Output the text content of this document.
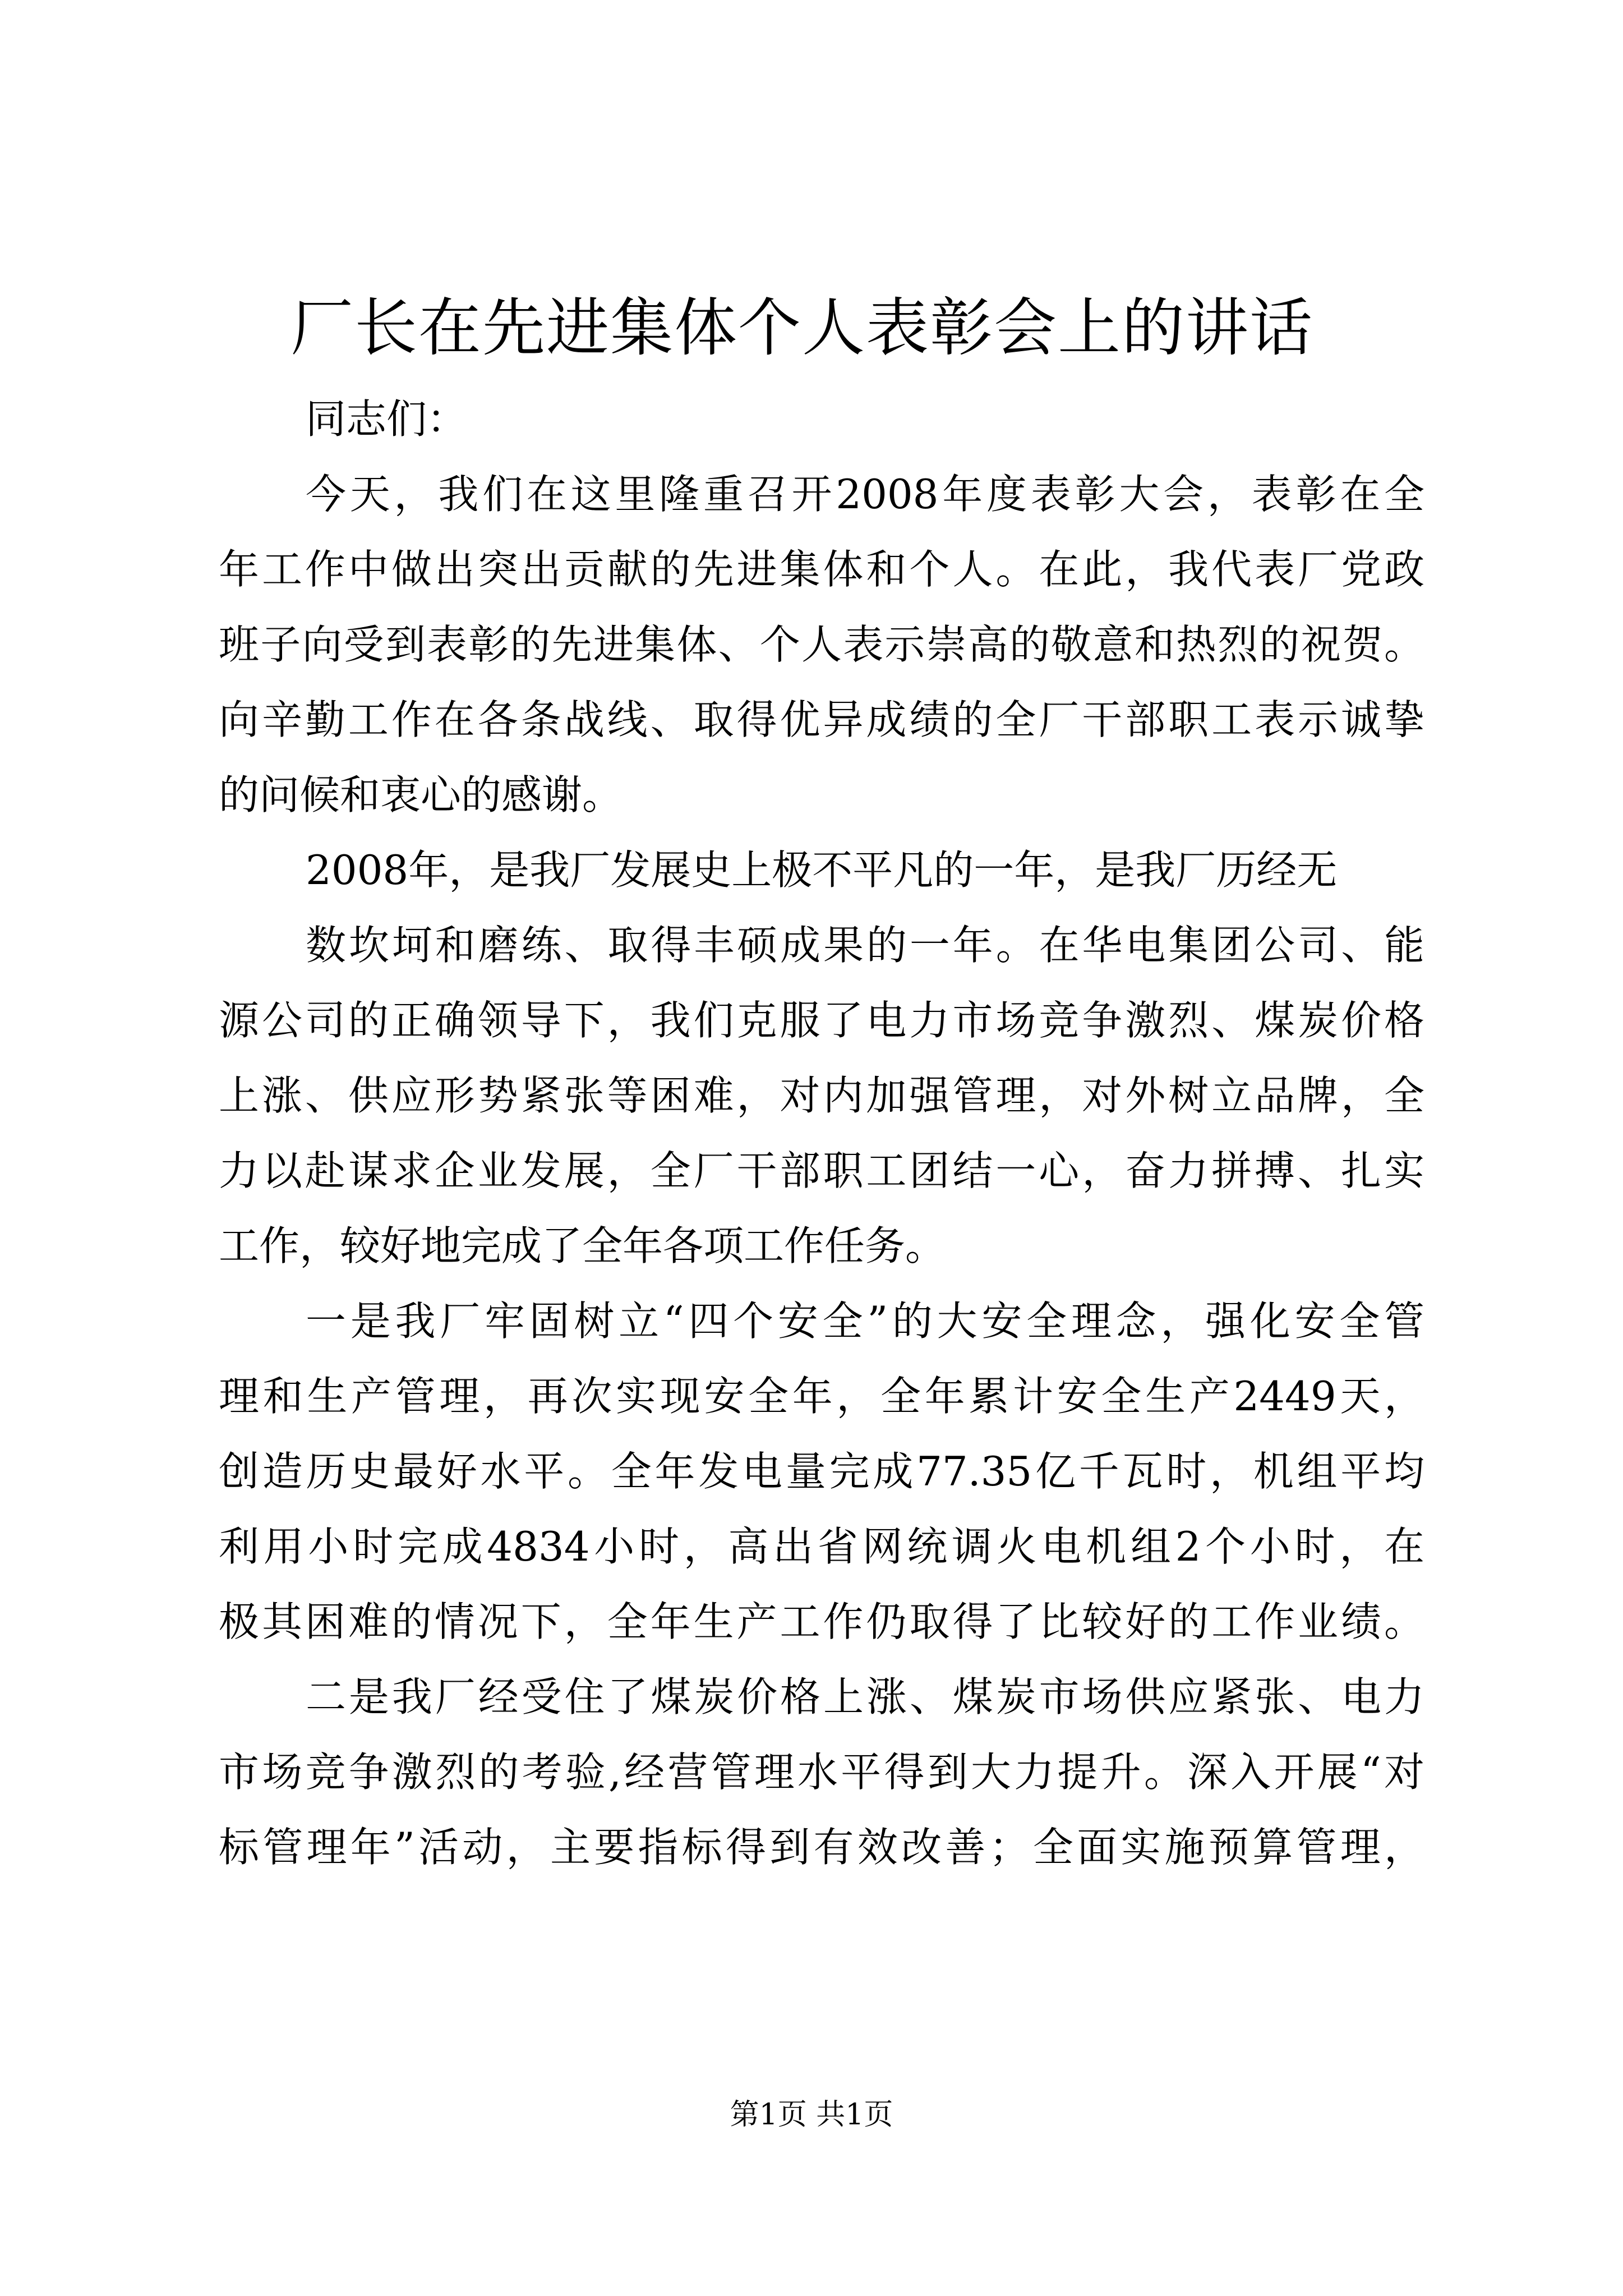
厂长在先进集体个人表彰会上的讲话
同志们：
今天，我们在这里隆重召开2008年度表彰大会，表彰在全
年工作中做出突出贡献的先进集体和个人。在此，我代表厂党政
班子向受到表彰的先进集体、个人表示崇高的敬意和热烈的祝贺。
向辛勤工作在各条战线、取得优异成绩的全厂干部职工表示诚挚
的问候和衷心的感谢。
2008年，是我厂发展史上极不平凡的一年，是我厂历经无
数坎坷和磨练、取得丰硕成果的一年。在华电集团公司、能
源公司的正确领导下，我们克服了电力市场竞争激烈、煤炭价格
上涨、供应形势紧张等困难，对内加强管理，对外树立品牌，全
力以赴谋求企业发展，全厂干部职工团结一心，奋力拼搏、扎实
工作，较好地完成了全年各项工作任务。
一是我厂牢固树立“四个安全”的大安全理念，强化安全管
理和生产管理，再次实现安全年，全年累计安全生产2449天，
创造历史最好水平。全年发电量完成77.35亿千瓦时，机组平均
利用小时完成4834小时，高出省网统调火电机组2个小时，在
极其困难的情况下，全年生产工作仍取得了比较好的工作业绩。
二是我厂经受住了煤炭价格上涨、煤炭市场供应紧张、电力
市场竞争激烈的考验,经营管理水平得到大力提升。深入开展“对
标管理年”活动，主要指标得到有效改善；全面实施预算管理，
第1页 共1页
